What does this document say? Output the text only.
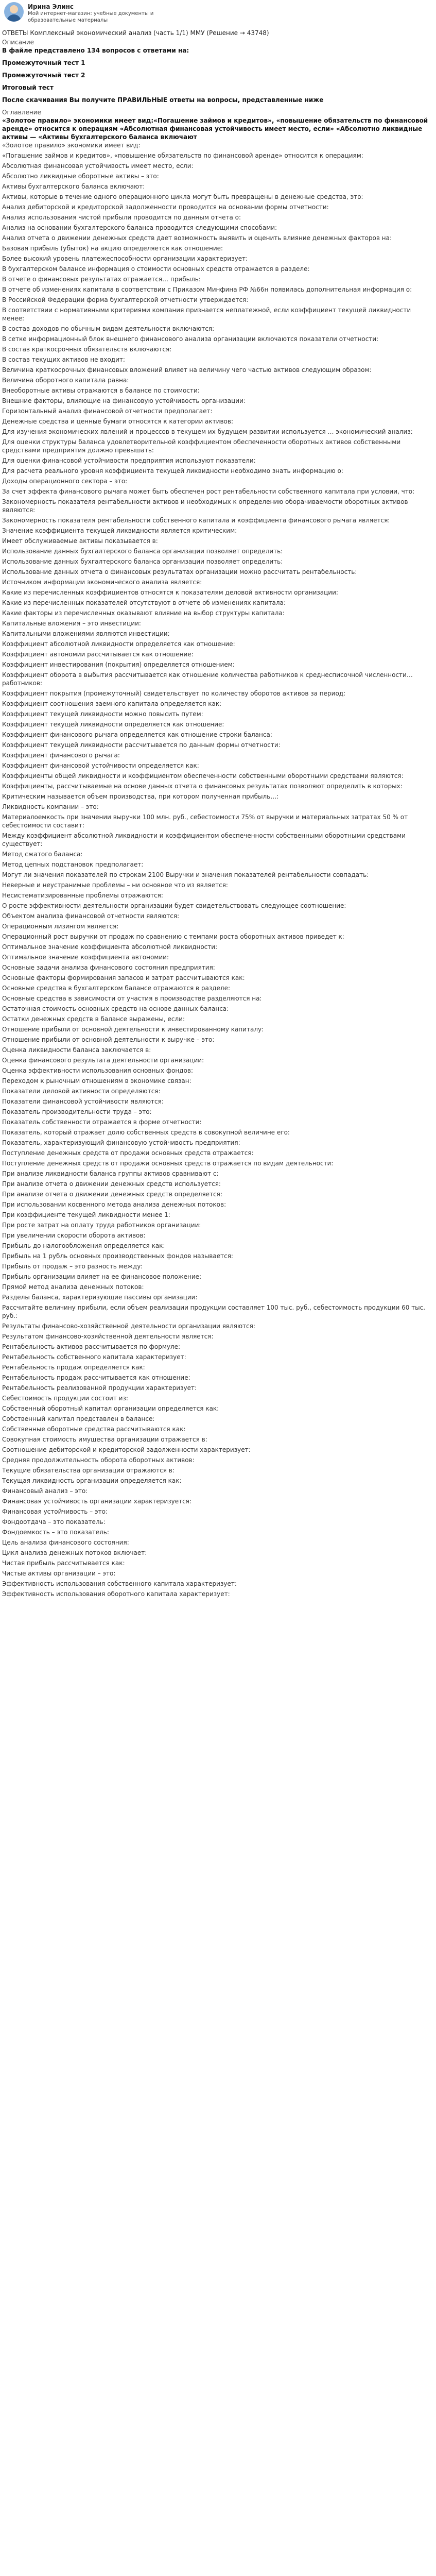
Ирина Элинс
Мой интернет-магазин: учебные документы и образовательные материалы
ОТВЕТЫ Комплексный экономический анализ (часть 1/1) ММУ (Решение → 43748)
Описание
В файле представлено 134 вопросов с ответами на:
Промежуточный тест 1
Промежуточный тест 2
Итоговый тест
После скачивания Вы получите ПРАВИЛЬНЫЕ ответы на вопросы, представленные ниже
Оглавление
«Золотое правило» экономики имеет вид:«Погашение займов и кредитов», «повышение обязательств по финансовой аренде» относится к операциям «Абсолютная финансовая устойчивость имеет место, если» «Абсолютно ликвидные активы — «Активы бухгалтерского баланса включают
«Золотое правило» экономики имеет вид:
«Погашение займов и кредитов», «повышение обязательств по финансовой аренде» относится к операциям:
Абсолютная финансовая устойчивость имеет место, если:
Абсолютно ликвидные оборотные активы – это:
Активы бухгалтерского баланса включают:
Активы, которые в течение одного операционного цикла могут быть превращены в денежные средства, это:
Анализ дебиторской и кредиторской задолженности проводится на основании формы отчетности:
Анализ использования чистой прибыли проводится по данным отчета о:
Анализ на основании бухгалтерского баланса проводится следующими способами:
Анализ отчета о движении денежных средств дает возможность выявить и оценить влияние денежных факторов на:
Базовая прибыль (убыток) на акцию определяется как отношение:
Более высокий уровень платежеспособности организации характеризует:
В бухгалтерском балансе информация о стоимости основных средств отражается в разделе:
В отчете о финансовых результатах отражается… прибыль:
В отчете об изменениях капитала в соответствии с Приказом Минфина РФ №66н появилась дополнительная информация о:
В Российской Федерации форма бухгалтерской отчетности утверждается:
В соответствии с нормативными критериями компания признается неплатежной, если коэффициент текущей ликвидности менее:
В состав доходов по обычным видам деятельности включаются:
В сетке информационный блок внешнего финансового анализа организации включаются показатели отчетности:
В состав краткосрочных обязательств включаются:
В состав текущих активов не входит:
Величина краткосрочных финансовых вложений влияет на величину чего частью активов следующим образом:
Величина оборотного капитала равна:
Внеоборотные активы отражаются в балансе по стоимости:
Внешние факторы, влияющие на финансовую устойчивость организации:
Горизонтальный анализ финансовой отчетности предполагает:
Денежные средства и ценные бумаги относятся к категории активов:
Для изучения экономических явлений и процессов в текущем их будущем развитии используется … экономический анализ:
Для оценки структуры баланса удовлетворительной коэффициентом обеспеченности оборотных активов собственными средствами предприятия должно превышать:
Для оценки финансовой устойчивости предприятия используют показатели:
Для расчета реального уровня коэффициента текущей ликвидности необходимо знать информацию о:
Доходы операционного сектора – это:
За счет эффекта финансового рычага может быть обеспечен рост рентабельности собственного капитала при условии, что:
Закономерность показателя рентабельности активов и необходимых к определению оборачиваемости оборотных активов являются:
Закономерность показателя рентабельности собственного капитала и коэффициента финансового рычага является:
Значение коэффициента текущей ликвидности является критическим:
Имеет обслуживаемые активы показывается в:
Использование данных бухгалтерского баланса организации позволяет определить:
Использование данных бухгалтерского баланса организации позволяет определить:
Использование данных отчета о финансовых результатах организации можно рассчитать рентабельность:
Источником информации экономического анализа является:
Какие из перечисленных коэффициентов относятся к показателям деловой активности организации:
Какие из перечисленных показателей отсутствуют в отчете об изменениях капитала:
Какие факторы из перечисленных оказывают влияние на выбор структуры капитала:
Капитальные вложения – это инвестиции:
Капитальными вложениями являются инвестиции:
Коэффициент абсолютной ликвидности определяется как отношение:
Коэффициент автономии рассчитывается как отношение:
Коэффициент инвестирования (покрытия) определяется отношением:
Коэффициент оборота в выбытия рассчитывается как отношение количества работников к среднесписочной численности…работников:
Коэффициент покрытия (промежуточный) свидетельствует по количеству оборотов активов за период:
Коэффициент соотношения заемного капитала определяется как:
Коэффициент текущей ликвидности можно повысить путем:
Коэффициент текущей ликвидности определяется как отношение:
Коэффициент финансового рычага определяется как отношение строки баланса:
Коэффициент текущей ликвидности рассчитывается по данным формы отчетности:
Коэффициент финансового рычага:
Коэффициент финансовой устойчивости определяется как:
Коэффициенты общей ликвидности и коэффициентом обеспеченности собственными оборотными средствами являются:
Коэффициенты, рассчитываемые на основе данных отчета о финансовых результатах позволяют определить в которых:
Критическим называется объем производства, при котором полученная прибыль…:
Ликвидность компании – это:
Материалоемкость при значении выручки 100 млн. руб., себестоимости 75% от выручки и материальных затратах 50 % от себестоимости составит:
Между коэффициент абсолютной ликвидности и коэффициентом обеспеченности собственными оборотными средствами существует:
Метод сжатого баланса:
Метод цепных подстановок предполагает:
Могут ли значения показателей по строкам 2100 Выручки и значения показателей рентабельности совпадать:
Неверные и неустранимые проблемы – ни основное что из является:
Несистематизированные проблемы отражаются:
О росте эффективности деятельности организации будет свидетельствовать следующее соотношение:
Объектом анализа финансовой отчетности являются:
Операционным лизингом является:
Операционный рост выручки от продаж по сравнению с темпами роста оборотных активов приведет к:
Оптимальное значение коэффициента абсолютной ликвидности:
Оптимальное значение коэффициента автономии:
Основные задачи анализа финансового состояния предприятия:
Основные факторы формирования запасов и затрат рассчитываются как:
Основные средства в бухгалтерском балансе отражаются в разделе:
Основные средства в зависимости от участия в производстве разделяются на:
Остаточная стоимость основных средств на основе данных баланса:
Остатки денежных средств в балансе выражены, если:
Отношение прибыли от основной деятельности к инвестированному капиталу:
Отношение прибыли от основной деятельности к выручке – это:
Оценка ликвидности баланса заключается в:
Оценка финансового результата деятельности организации:
Оценка эффективности использования основных фондов:
Переходом к рыночным отношениям в экономике связан:
Показатели деловой активности определяются:
Показатели финансовой устойчивости являются:
Показатель производительности труда – это:
Показатель собственности отражается в форме отчетности:
Показатель, который отражает долю собственных средств в совокупной величине его:
Показатель, характеризующий финансовую устойчивость предприятия:
Поступление денежных средств от продажи основных средств отражается:
Поступление денежных средств от продажи основных средств отражается по видам деятельности:
При анализе ликвидности баланса группы активов сравнивают с:
При анализе отчета о движении денежных средств используется:
При анализе отчета о движении денежных средств определяется:
При использовании косвенного метода анализа денежных потоков:
При коэффициенте текущей ликвидности менее 1:
При росте затрат на оплату труда работников организации:
При увеличении скорости оборота активов:
Прибыль до налогообложения определяется как:
Прибыль на 1 рубль основных производственных фондов называется:
Прибыль от продаж – это разность между:
Прибыль организации влияет на ее финансовое положение:
Прямой метод анализа денежных потоков:
Разделы баланса, характеризующие пассивы организации:
Рассчитайте величину прибыли, если объем реализации продукции составляет 100 тыс. руб., себестоимость продукции 60 тыс. руб.:
Результаты финансово-хозяйственной деятельности организации являются:
Результатом финансово-хозяйственной деятельности является:
Рентабельность активов рассчитывается по формуле:
Рентабельность собственного капитала характеризует:
Рентабельность продаж определяется как:
Рентабельность продаж рассчитывается как отношение:
Рентабельность реализованной продукции характеризует:
Себестоимость продукции состоит из:
Собственный оборотный капитал организации определяется как:
Собственный капитал представлен в балансе:
Собственные оборотные средства рассчитываются как:
Совокупная стоимость имущества организации отражается в:
Соотношение дебиторской и кредиторской задолженности характеризует:
Средняя продолжительность оборота оборотных активов:
Текущие обязательства организации отражаются в:
Текущая ликвидность организации определяется как:
Финансовый анализ – это:
Финансовая устойчивость организации характеризуется:
Финансовая устойчивость – это:
Фондоотдача – это показатель:
Фондоемкость – это показатель:
Цель анализа финансового состояния:
Цикл анализа денежных потоков включает:
Чистая прибыль рассчитывается как:
Чистые активы организации – это:
Эффективность использования собственного капитала характеризует:
Эффективность использования оборотного капитала характеризует:
